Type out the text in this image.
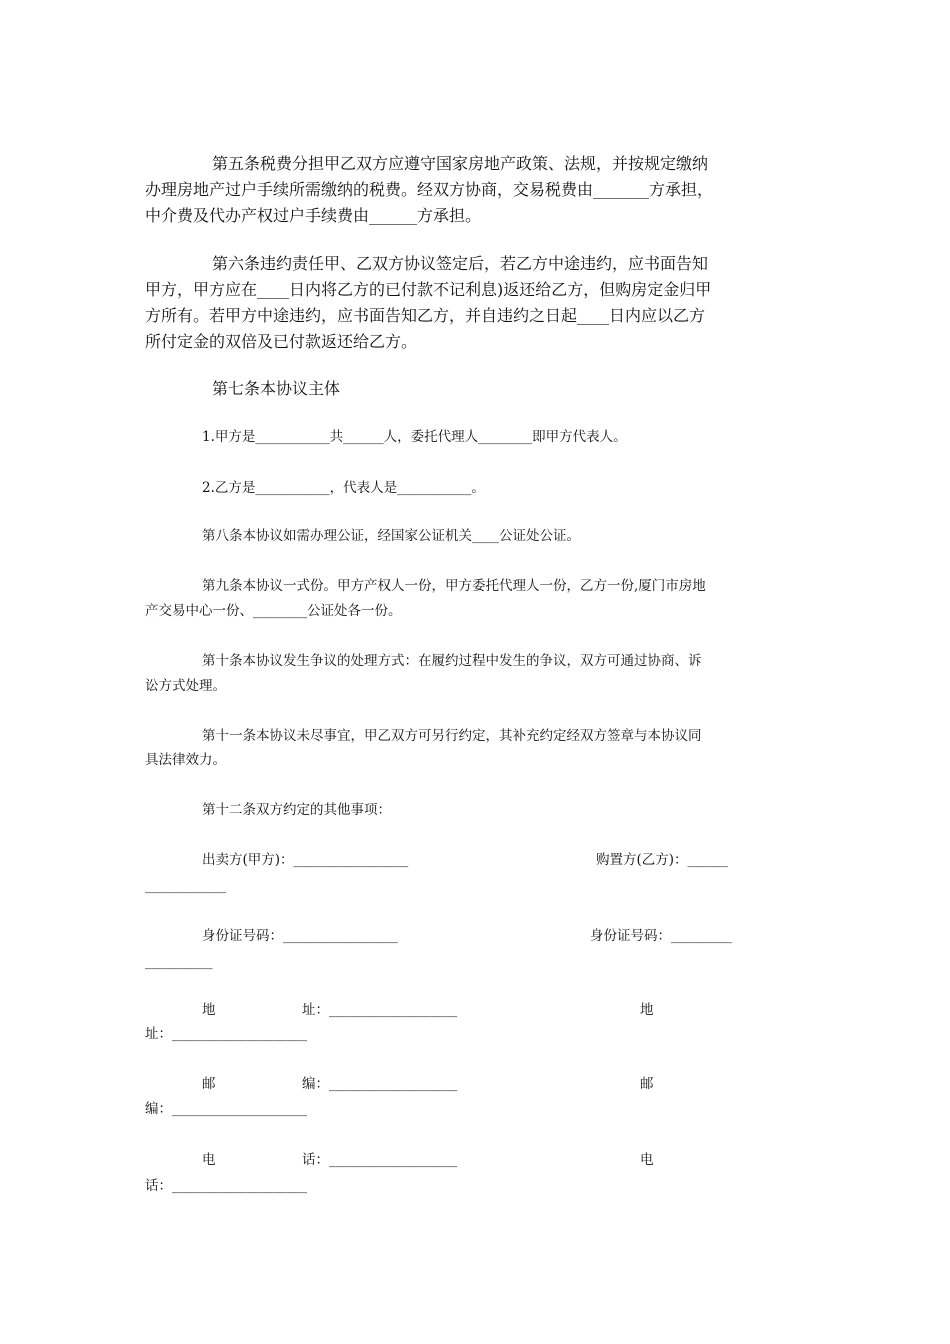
第五条税费分担甲乙双方应遵守国家房地产政策、法规，并按规定缴纳
办理房地产过户手续所需缴纳的税费。经双方协商，交易税费由_______方承担，
中介费及代办产权过户手续费由______方承担。
第六条违约责任甲、乙双方协议签定后，若乙方中途违约，应书面告知
甲方，甲方应在____日内将乙方的已付款不记利息)返还给乙方，但购房定金归甲
方所有。若甲方中途违约，应书面告知乙方，并自违约之日起____日内应以乙方
所付定金的双倍及已付款返还给乙方。
第七条本协议主体
1.甲方是___________共______人，委托代理人________即甲方代表人。
2.乙方是___________，代表人是___________。
第八条本协议如需办理公证，经国家公证机关____公证处公证。
第九条本协议一式份。甲方产权人一份，甲方委托代理人一份，乙方一份,厦门市房地
产交易中心一份、________公证处各一份。
第十条本协议发生争议的处理方式：在履约过程中发生的争议，双方可通过协商、诉
讼方式处理。
第十一条本协议未尽事宜，甲乙双方可另行约定，其补充约定经双方签章与本协议同
具法律效力。
第十二条双方约定的其他事项：
出卖方(甲方)：_________________	购置方(乙方)：______
____________
身份证号码：_________________	身份证号码：_________
__________
地	址：___________________	地
址：____________________
邮	编：___________________	邮
编：____________________
电	话：___________________	电
话：____________________
